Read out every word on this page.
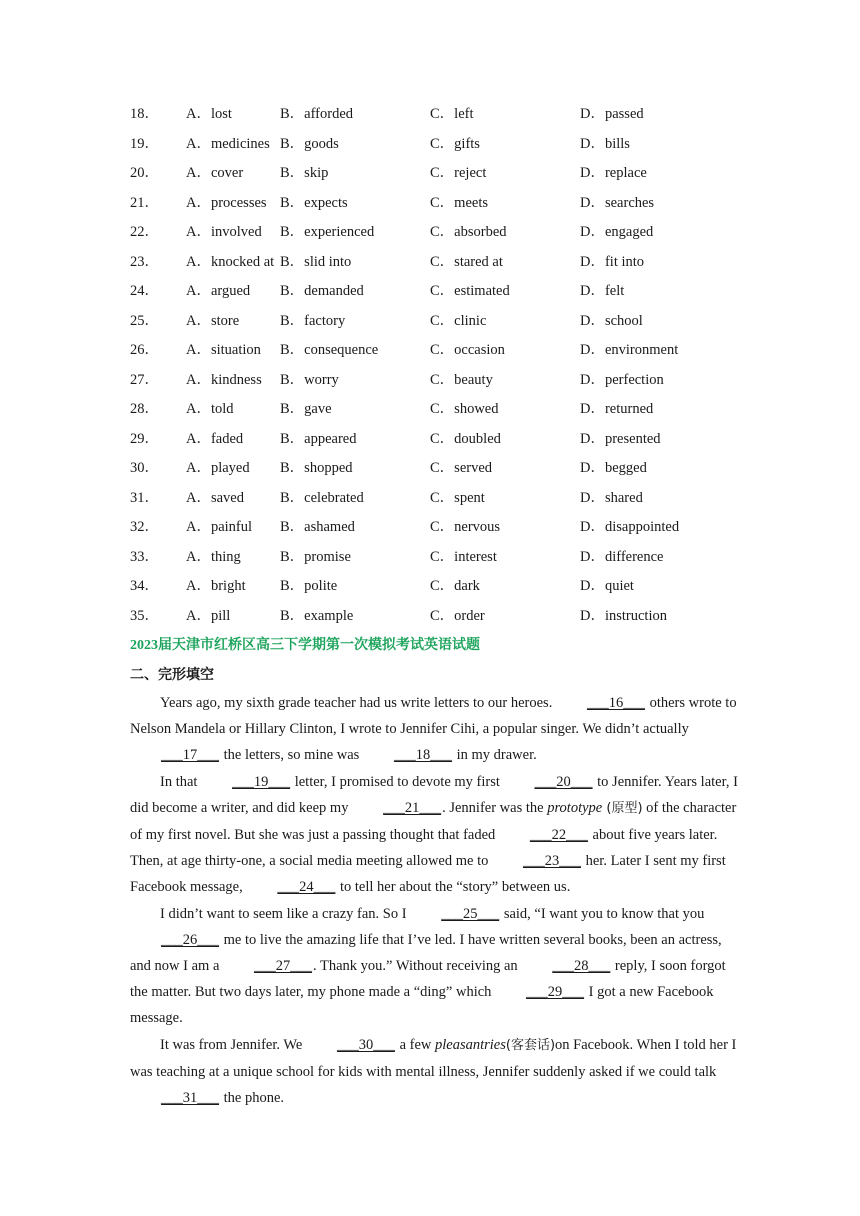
18． A．lost	B．afforded	C．left	D．passed
19． A．medicines B．goods	C．gifts	D．bills
20． A．cover	B．skip	C．reject	D．replace
21． A．processes B．expects	C．meets	D．searches
22． A．involved B．experienced	C．absorbed	D．engaged
23． A．knocked at B．slid into	C．stared at	D．fit into
24． A．argued B．demanded	C．estimated	D．felt
25． A．store	B．factory	C．clinic	D．school
26． A．situation B．consequence	C．occasion	D．environment
27． A．kindness B．worry	C．beauty	D．perfection
28． A．told	B．gave	C．showed	D．returned
29． A．faded	B．appeared	C．doubled	D．presented
30． A．played B．shopped	C．served	D．begged
31． A．saved B．celebrated	C．spent	D．shared
32． A．painful B．ashamed	C．nervous	D．disappointed
33． A．thing	B．promise	C．interest	D．difference
34． A．bright B．polite	C．dark	D．quiet
35． A．pill	B．example	C．order	D．instruction
2023届天津市红桥区高三下学期第一次模拟考试英语试题
二、完形填空

Years ago, my sixth grade teacher had us write letters to our heroes. ___16___ others wrote to Nelson Mandela or Hillary Clinton, I wrote to Jennifer Cihi, a popular singer. We didn’t actually ___17___ the letters, so mine was ___18___ in my drawer.

In that ___19___ letter, I promised to devote my first ___20___ to Jennifer. Years later, I did become a writer, and did keep my ___21___. Jennifer was the prototype (原型) of the character of my first novel. But she was just a passing thought that faded ___22___ about five years later. Then, at age thirty-one, a social media meeting allowed me to ___23___ her. Later I sent my first Facebook message, ___24___ to tell her about the “story” between us.

I didn’t want to seem like a crazy fan. So I ___25___ said, “I want you to know that you ___26___ me to live the amazing life that I’ve led. I have written several books, been an actress, and now I am a ___27___. Thank you.” Without receiving an ___28___ reply, I soon forgot the matter. But two days later, my phone made a “ding” which ___29___ I got a new Facebook message.

It was from Jennifer. We ___30___ a few pleasantries(客套话)on Facebook. When I told her I was teaching at a unique school for kids with mental illness, Jennifer suddenly asked if we could talk ___31___ the phone.
